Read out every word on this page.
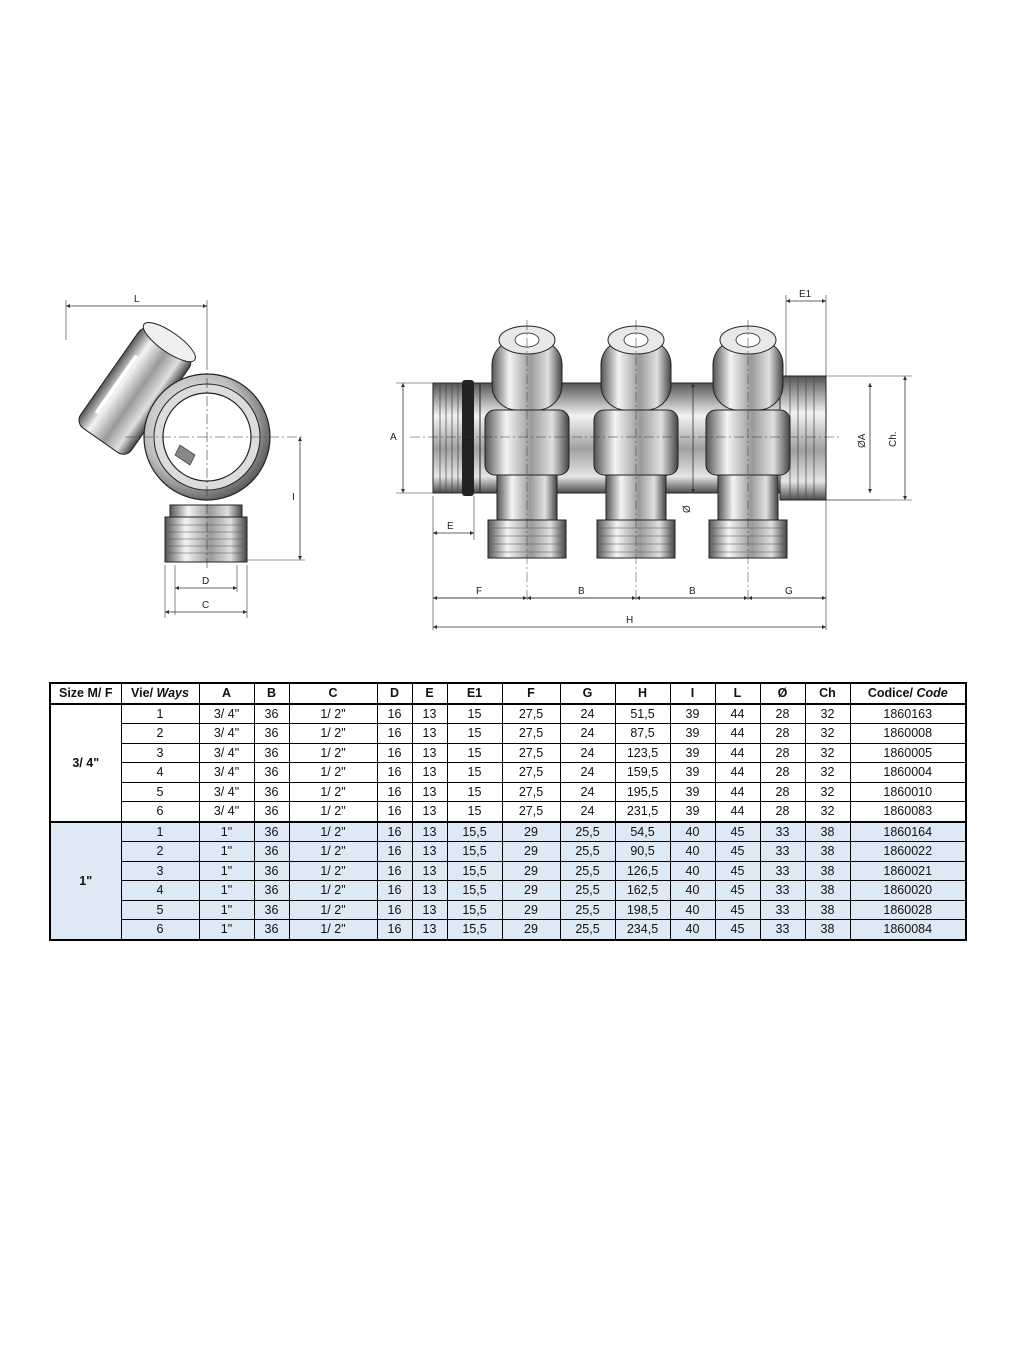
L
I
D
C
A
E
E1
ØA Ch.
Ø
F	B	B	G
H
Size M/ F	Vie/ Ways	A	B	C	D	E	E1	F	G	H	I	L	Ø	Ch	Codice/ Code
3/ 4"	1	3/ 4"	36	1/ 2"	16	13	15	27,5	24	51,5	39	44	28	32	1860163
	2	3/ 4"	36	1/ 2"	16	13	15	27,5	24	87,5	39	44	28	32	1860008
	3	3/ 4"	36	1/ 2"	16	13	15	27,5	24	123,5	39	44	28	32	1860005
	4	3/ 4"	36	1/ 2"	16	13	15	27,5	24	159,5	39	44	28	32	1860004
	5	3/ 4"	36	1/ 2"	16	13	15	27,5	24	195,5	39	44	28	32	1860010
	6	3/ 4"	36	1/ 2"	16	13	15	27,5	24	231,5	39	44	28	32	1860083
1"	1	1"	36	1/ 2"	16	13	15,5	29	25,5	54,5	40	45	33	38	1860164
	2	1"	36	1/ 2"	16	13	15,5	29	25,5	90,5	40	45	33	38	1860022
	3	1"	36	1/ 2"	16	13	15,5	29	25,5	126,5	40	45	33	38	1860021
	4	1"	36	1/ 2"	16	13	15,5	29	25,5	162,5	40	45	33	38	1860020
	5	1"	36	1/ 2"	16	13	15,5	29	25,5	198,5	40	45	33	38	1860028
	6	1"	36	1/ 2"	16	13	15,5	29	25,5	234,5	40	45	33	38	1860084
